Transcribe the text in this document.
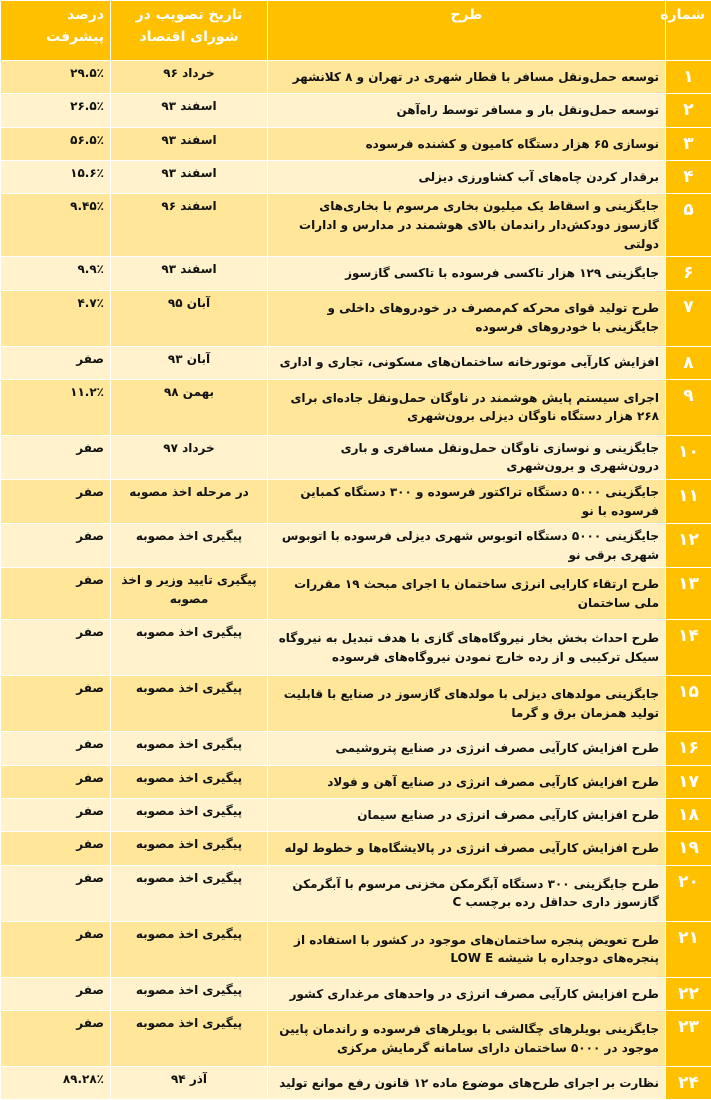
شماره	طرح	تاریخ تصویب در شورای اقتصاد	درصد پیشرفت
۱	توسعه حمل‌ونقل مسافر با قطار شهری در تهران و ۸ کلانشهر	خرداد ۹۶	۲۹.۵٪
۲	توسعه حمل‌ونقل بار و مسافر توسط راه‌آهن	اسفند ۹۳	۲۶.۵٪
۳	نوسازی ۶۵ هزار دستگاه کامیون و کشنده فرسوده	اسفند ۹۳	۵۶.۵٪
۴	برقدار کردن چاه‌های آب کشاورزی دیزلی	اسفند ۹۳	۱۵.۶٪
۵	جایگزینی و اسقاط یک میلیون بخاری مرسوم با بخاری‌های گازسوز دودکش‌دار راندمان بالای هوشمند در مدارس و ادارات دولتی	اسفند ۹۶	۹.۴۵٪
۶	جایگزینی ۱۲۹ هزار تاکسی فرسوده با تاکسی گازسوز	اسفند ۹۳	۹.۹٪
۷	طرح تولید قوای محرکه کم‌مصرف در خودروهای داخلی و جایگزینی با خودروهای فرسوده	آبان ۹۵	۴.۷٪
۸	افزایش کارآیی موتورخانه ساختمان‌های مسکونی، تجاری و اداری	آبان ۹۳	صفر
۹	اجرای سیستم پایش هوشمند در ناوگان حمل‌ونقل جاده‌ای برای ۲۶۸ هزار دستگاه ناوگان دیزلی برون‌شهری	بهمن ۹۸	۱۱.۲٪
۱۰	جایگزینی و نوسازی ناوگان حمل‌ونقل مسافری و باری درون‌شهری و برون‌شهری	خرداد ۹۷	صفر
۱۱	جایگزینی ۵۰۰۰ دستگاه تراکتور فرسوده و ۳۰۰ دستگاه کمباین فرسوده با نو	در مرحله اخذ مصوبه	صفر
۱۲	جایگزینی ۵۰۰۰ دستگاه اتوبوس شهری دیزلی فرسوده با اتوبوس شهری برقی نو	پیگیری اخذ مصوبه	صفر
۱۳	طرح ارتقاء کارایی انرژی ساختمان با اجرای مبحث ۱۹ مقررات ملی ساختمان	پیگیری تایید وزیر و اخذ مصوبه	صفر
۱۴	طرح احداث بخش بخار نیروگاه‌های گازی با هدف تبدیل به نیروگاه سیکل ترکیبی و از رده خارج نمودن نیروگاه‌های فرسوده	پیگیری اخذ مصوبه	صفر
۱۵	جایگزینی مولدهای دیزلی با مولدهای گازسوز در صنایع با قابلیت تولید همزمان برق و گرما	پیگیری اخذ مصوبه	صفر
۱۶	طرح افزایش کارآیی مصرف انرژی در صنایع پتروشیمی	پیگیری اخذ مصوبه	صفر
۱۷	طرح افزایش کارآیی مصرف انرژی در صنایع آهن و فولاد	پیگیری اخذ مصوبه	صفر
۱۸	طرح افزایش کارآیی مصرف انرژی در صنایع سیمان	پیگیری اخذ مصوبه	صفر
۱۹	طرح افزایش کارآیی مصرف انرژی در پالایشگاه‌ها و خطوط لوله	پیگیری اخذ مصوبه	صفر
۲۰	طرح جایگزینی ۳۰۰ دستگاه آبگرمکن مخزنی مرسوم با آبگرمکن گازسوز داری حداقل رده برچسب C	پیگیری اخذ مصوبه	صفر
۲۱	طرح تعویض پنجره ساختمان‌های موجود در کشور با استفاده از پنجره‌های دوجداره با شیشه LOW E	پیگیری اخذ مصوبه	صفر
۲۲	طرح افزایش کارآیی مصرف انرژی در واحدهای مرغداری کشور	پیگیری اخذ مصوبه	صفر
۲۳	جایگزینی بویلرهای چگالشی با بویلرهای فرسوده و راندمان پایین موجود در ۵۰۰۰ ساختمان دارای سامانه گرمایش مرکزی	پیگیری اخذ مصوبه	صفر
۲۴	نظارت بر اجرای طرح‌های موضوع ماده ۱۲ قانون رفع موانع تولید	آذر ۹۴	۸۹.۲۸٪
